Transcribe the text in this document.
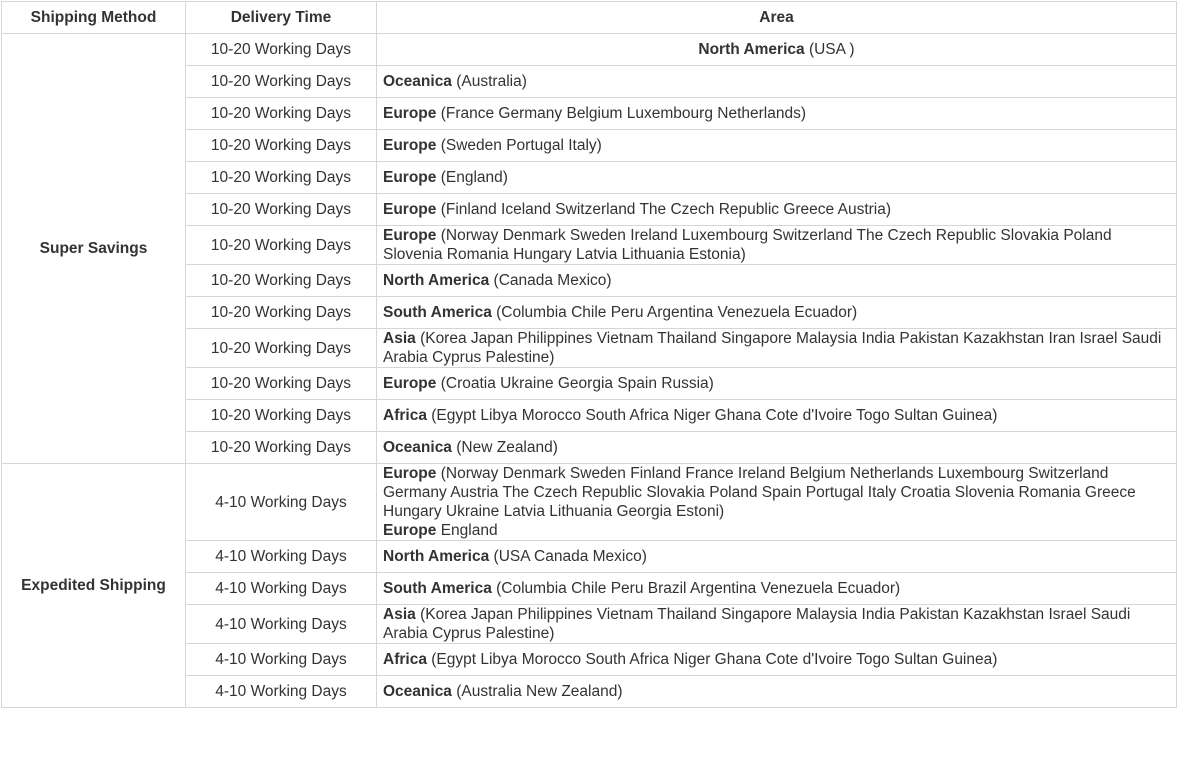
Shipping Method	Delivery Time	Area
Super Savings	10-20 Working Days	North America (USA )
	10-20 Working Days	Oceanica (Australia)
	10-20 Working Days	Europe (France Germany Belgium Luxembourg Netherlands)
	10-20 Working Days	Europe (Sweden Portugal Italy)
	10-20 Working Days	Europe (England)
	10-20 Working Days	Europe (Finland Iceland Switzerland The Czech Republic Greece Austria)
	10-20 Working Days	Europe (Norway Denmark Sweden Ireland Luxembourg Switzerland The Czech Republic Slovakia Poland Slovenia Romania Hungary Latvia Lithuania Estonia)
	10-20 Working Days	North America (Canada Mexico)
	10-20 Working Days	South America (Columbia Chile Peru Argentina Venezuela Ecuador)
	10-20 Working Days	Asia (Korea Japan Philippines Vietnam Thailand Singapore Malaysia India Pakistan Kazakhstan Iran Israel Saudi Arabia Cyprus Palestine)
	10-20 Working Days	Europe (Croatia Ukraine Georgia Spain Russia)
	10-20 Working Days	Africa (Egypt Libya Morocco South Africa Niger Ghana Cote d'Ivoire Togo Sultan Guinea)
	10-20 Working Days	Oceanica (New Zealand)
Expedited Shipping	4-10 Working Days	Europe (Norway Denmark Sweden Finland France Ireland Belgium Netherlands Luxembourg Switzerland Germany Austria The Czech Republic Slovakia Poland Spain Portugal Italy Croatia Slovenia Romania Greece Hungary Ukraine Latvia Lithuania Georgia Estoni)
Europe England

	4-10 Working Days	North America (USA Canada Mexico)
	4-10 Working Days	South America (Columbia Chile Peru Brazil Argentina Venezuela Ecuador)
	4-10 Working Days	Asia (Korea Japan Philippines Vietnam Thailand Singapore Malaysia India Pakistan Kazakhstan Israel Saudi Arabia Cyprus Palestine)
	4-10 Working Days	Africa (Egypt Libya Morocco South Africa Niger Ghana Cote d'Ivoire Togo Sultan Guinea)
	4-10 Working Days	Oceanica (Australia New Zealand)
